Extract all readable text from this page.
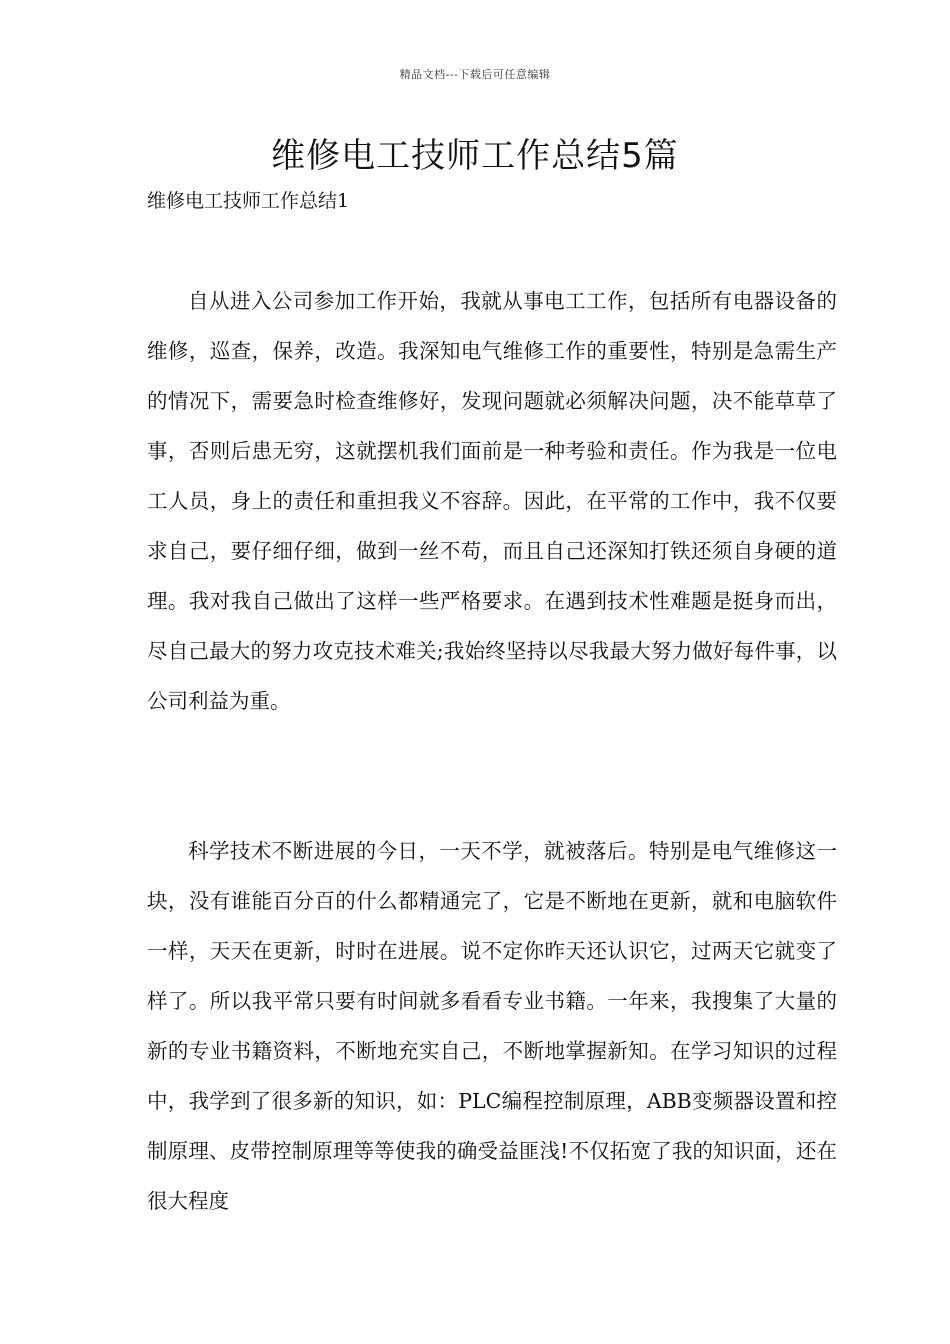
精品文档---下载后可任意编辑
维修电工技师工作总结5篇
维修电工技师工作总结1

自从进入公司参加工作开始，我就从事电工工作，包括所有电器设备的维修，巡查，保养，改造。我深知电气维修工作的重要性，特别是急需生产的情况下，需要急时检查维修好，发现问题就必须解决问题，决不能草草了事，否则后患无穷，这就摆机我们面前是一种考验和责任。作为我是一位电工人员，身上的责任和重担我义不容辞。因此，在平常的工作中，我不仅要求自己，要仔细仔细，做到一丝不苟，而且自己还深知打铁还须自身硬的道理。我对我自己做出了这样一些严格要求。在遇到技术性难题是挺身而出，尽自己最大的努力攻克技术难关;我始终坚持以尽我最大努力做好每件事，以公司利益为重。

科学技术不断进展的今日，一天不学，就被落后。特别是电气维修这一块，没有谁能百分百的什么都精通完了，它是不断地在更新，就和电脑软件一样，天天在更新，时时在进展。说不定你昨天还认识它，过两天它就变了样了。所以我平常只要有时间就多看看专业书籍。一年来，我搜集了大量的新的专业书籍资料，不断地充实自己，不断地掌握新知。在学习知识的过程中，我学到了很多新的知识，如：PLC编程控制原理，ABB变频器设置和控制原理、皮带控制原理等等使我的确受益匪浅!不仅拓宽了我的知识面，还在很大程度
